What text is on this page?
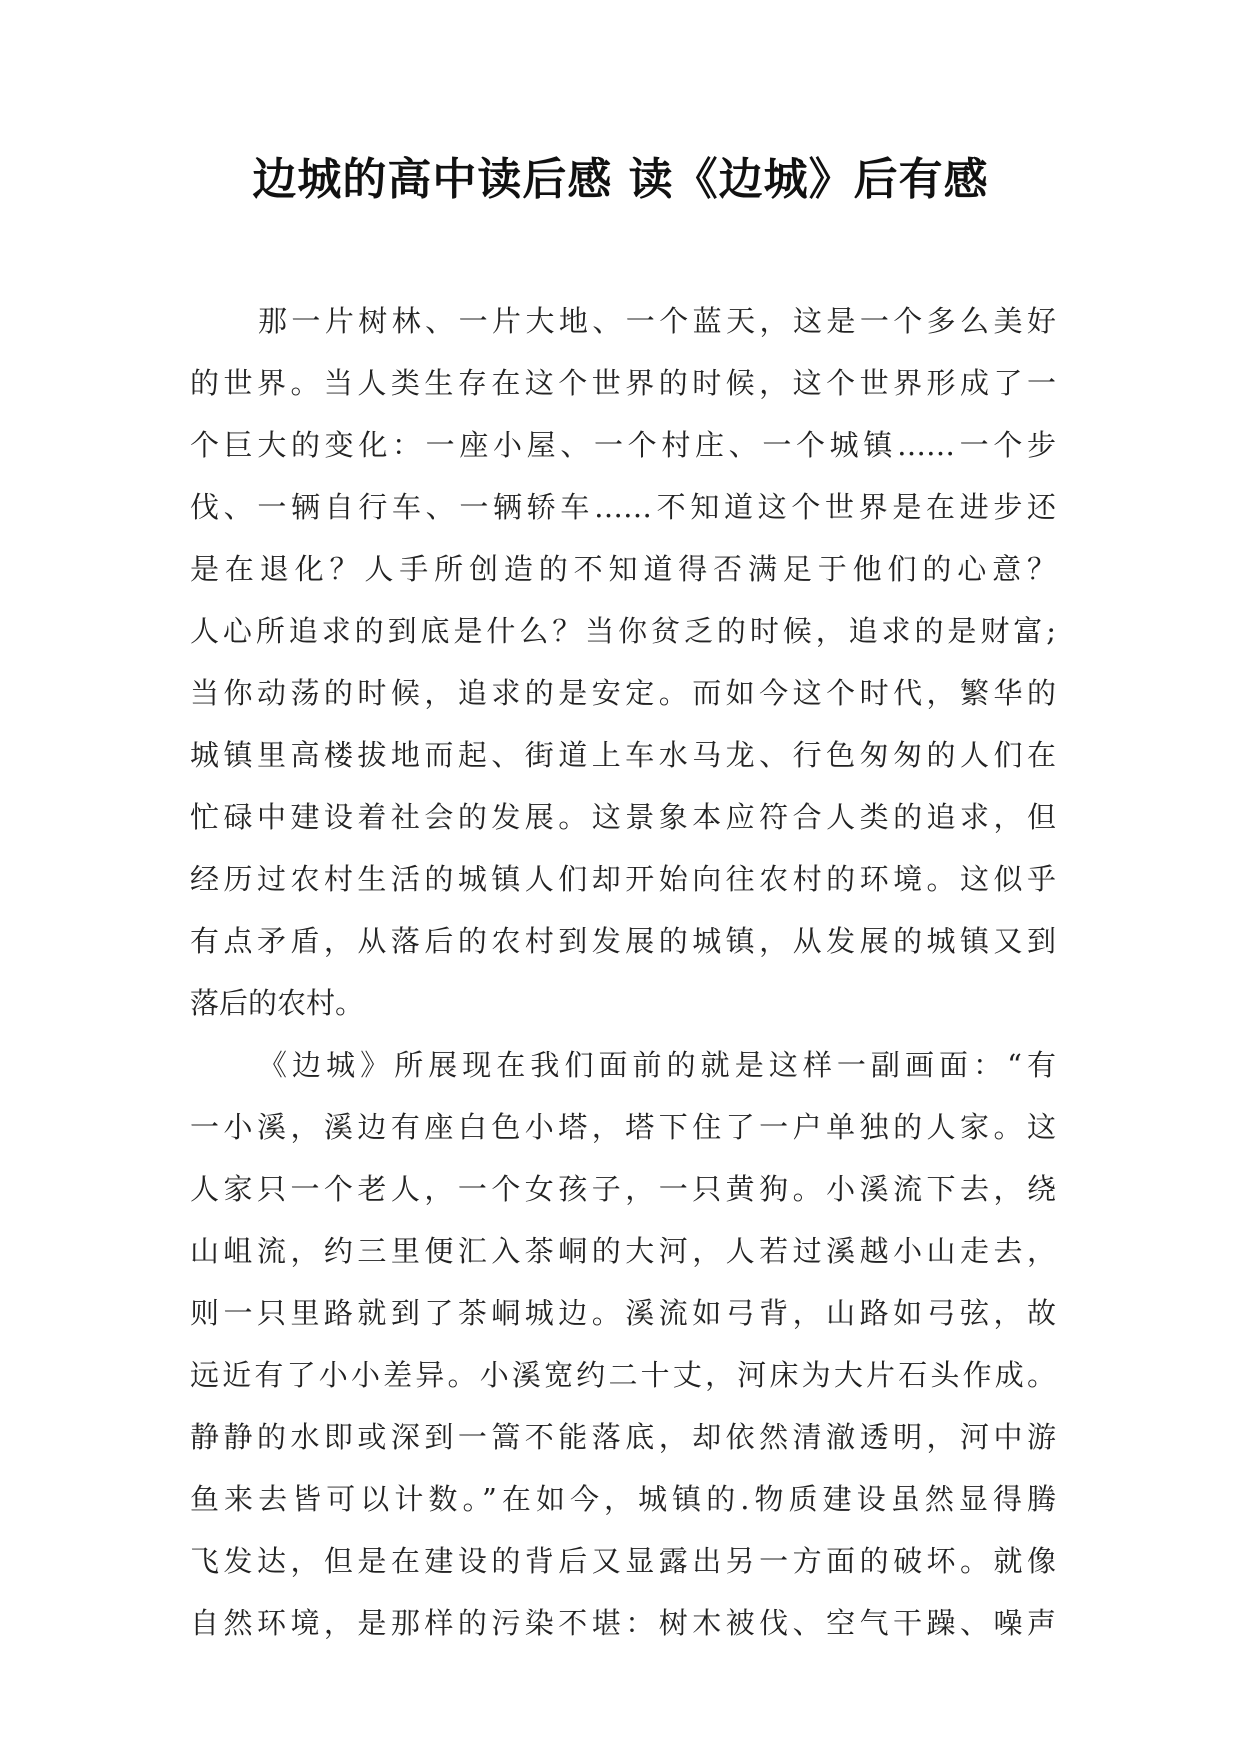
边城的高中读后感 读《边城》后有感
那一片树林、一片大地、一个蓝天，这是一个多么美好
的世界。当人类生存在这个世界的时候，这个世界形成了一
个巨大的变化：一座小屋、一个村庄、一个城镇……一个步
伐、一辆自行车、一辆轿车……不知道这个世界是在进步还
是在退化？人手所创造的不知道得否满足于他们的心意？
人心所追求的到底是什么？当你贫乏的时候，追求的是财富;
当你动荡的时候，追求的是安定。而如今这个时代，繁华的
城镇里高楼拔地而起、街道上车水马龙、行色匆匆的人们在
忙碌中建设着社会的发展。这景象本应符合人类的追求，但
经历过农村生活的城镇人们却开始向往农村的环境。这似乎
有点矛盾，从落后的农村到发展的城镇，从发展的城镇又到
落后的农村。
《边城》所展现在我们面前的就是这样一副画面：“有
一小溪，溪边有座白色小塔，塔下住了一户单独的人家。这
人家只一个老人，一个女孩子，一只黄狗。小溪流下去，绕
山岨流，约三里便汇入茶峒的大河，人若过溪越小山走去，
则一只里路就到了茶峒城边。溪流如弓背，山路如弓弦，故
远近有了小小差异。小溪宽约二十丈，河床为大片石头作成。
静静的水即或深到一篙不能落底，却依然清澈透明，河中游
鱼来去皆可以计数。”在如今，城镇的.物质建设虽然显得腾
飞发达，但是在建设的背后又显露出另一方面的破坏。就像
自然环境，是那样的污染不堪：树木被伐、空气干躁、噪声
